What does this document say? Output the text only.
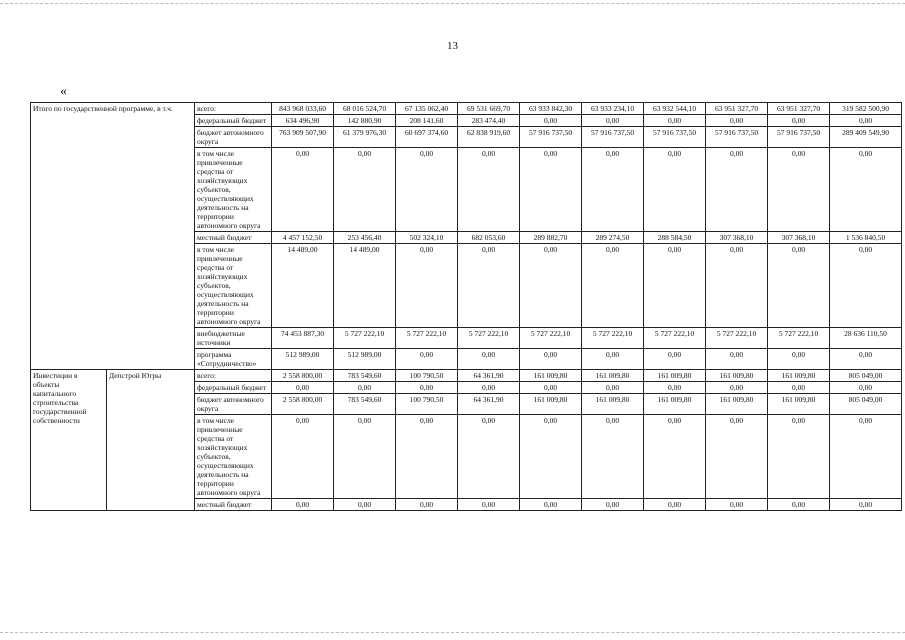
13
«
Итого по государственной программе, в т.ч.		всего:	843 968 033,60	68 016 524,70	67 135 062,40	69 531 669,70	63 933 842,30	63 933 234,10	63 932 544,10	63 951 327,70	63 951 327,70	319 582 500,90
		федеральный бюджет	634 496,90	142 880,90	208 141,60	283 474,40	0,00	0,00	0,00	0,00	0,00	0,00
		бюджет автономного округа	763 909 507,90	61 379 976,30	60 697 374,60	62 838 919,60	57 916 737,50	57 916 737,50	57 916 737,50	57 916 737,50	57 916 737,50	289 409 549,90
		в том числе привлеченные средства от хозяйствующих субъектов, осуществляющих деятельность на территории автономного округа	0,00	0,00	0,00	0,00	0,00	0,00	0,00	0,00	0,00	0,00
		местный бюджет	4 457 152,50	253 456,40	502 324,10	682 053,60	289 882,70	289 274,50	288 584,50	307 368,10	307 368,10	1 536 840,50
		в том числе привлеченные средства от хозяйствующих субъектов, осуществляющих деятельность на территории автономного округа	14 489,00	14 489,00	0,00	0,00	0,00	0,00	0,00	0,00	0,00	0,00
		внебюджетные источники	74 453 887,30	5 727 222,10	5 727 222,10	5 727 222,10	5 727 222,10	5 727 222,10	5 727 222,10	5 727 222,10	5 727 222,10	28 636 110,50
		программа «Сотрудничество»	512 989,00	512 989,00	0,00	0,00	0,00	0,00	0,00	0,00	0,00	0,00
Инвестиции в объекты капитального строительства государственной собственности	Депстрой Югры	всего:	2 558 800,00	783 549,60	100 790,50	64 361,90	161 009,80	161 009,80	161 009,80	161 009,80	161 009,80	805 049,00
		федеральный бюджет	0,00	0,00	0,00	0,00	0,00	0,00	0,00	0,00	0,00	0,00
		бюджет автономного округа	2 558 800,00	783 549,60	100 790,50	64 361,90	161 009,80	161 009,80	161 009,80	161 009,80	161 009,80	805 049,00
		в том числе привлеченные средства от хозяйствующих субъектов, осуществляющих деятельность на территории автономного округа	0,00	0,00	0,00	0,00	0,00	0,00	0,00	0,00	0,00	0,00
		местный бюджет	0,00	0,00	0,00	0,00	0,00	0,00	0,00	0,00	0,00	0,00
